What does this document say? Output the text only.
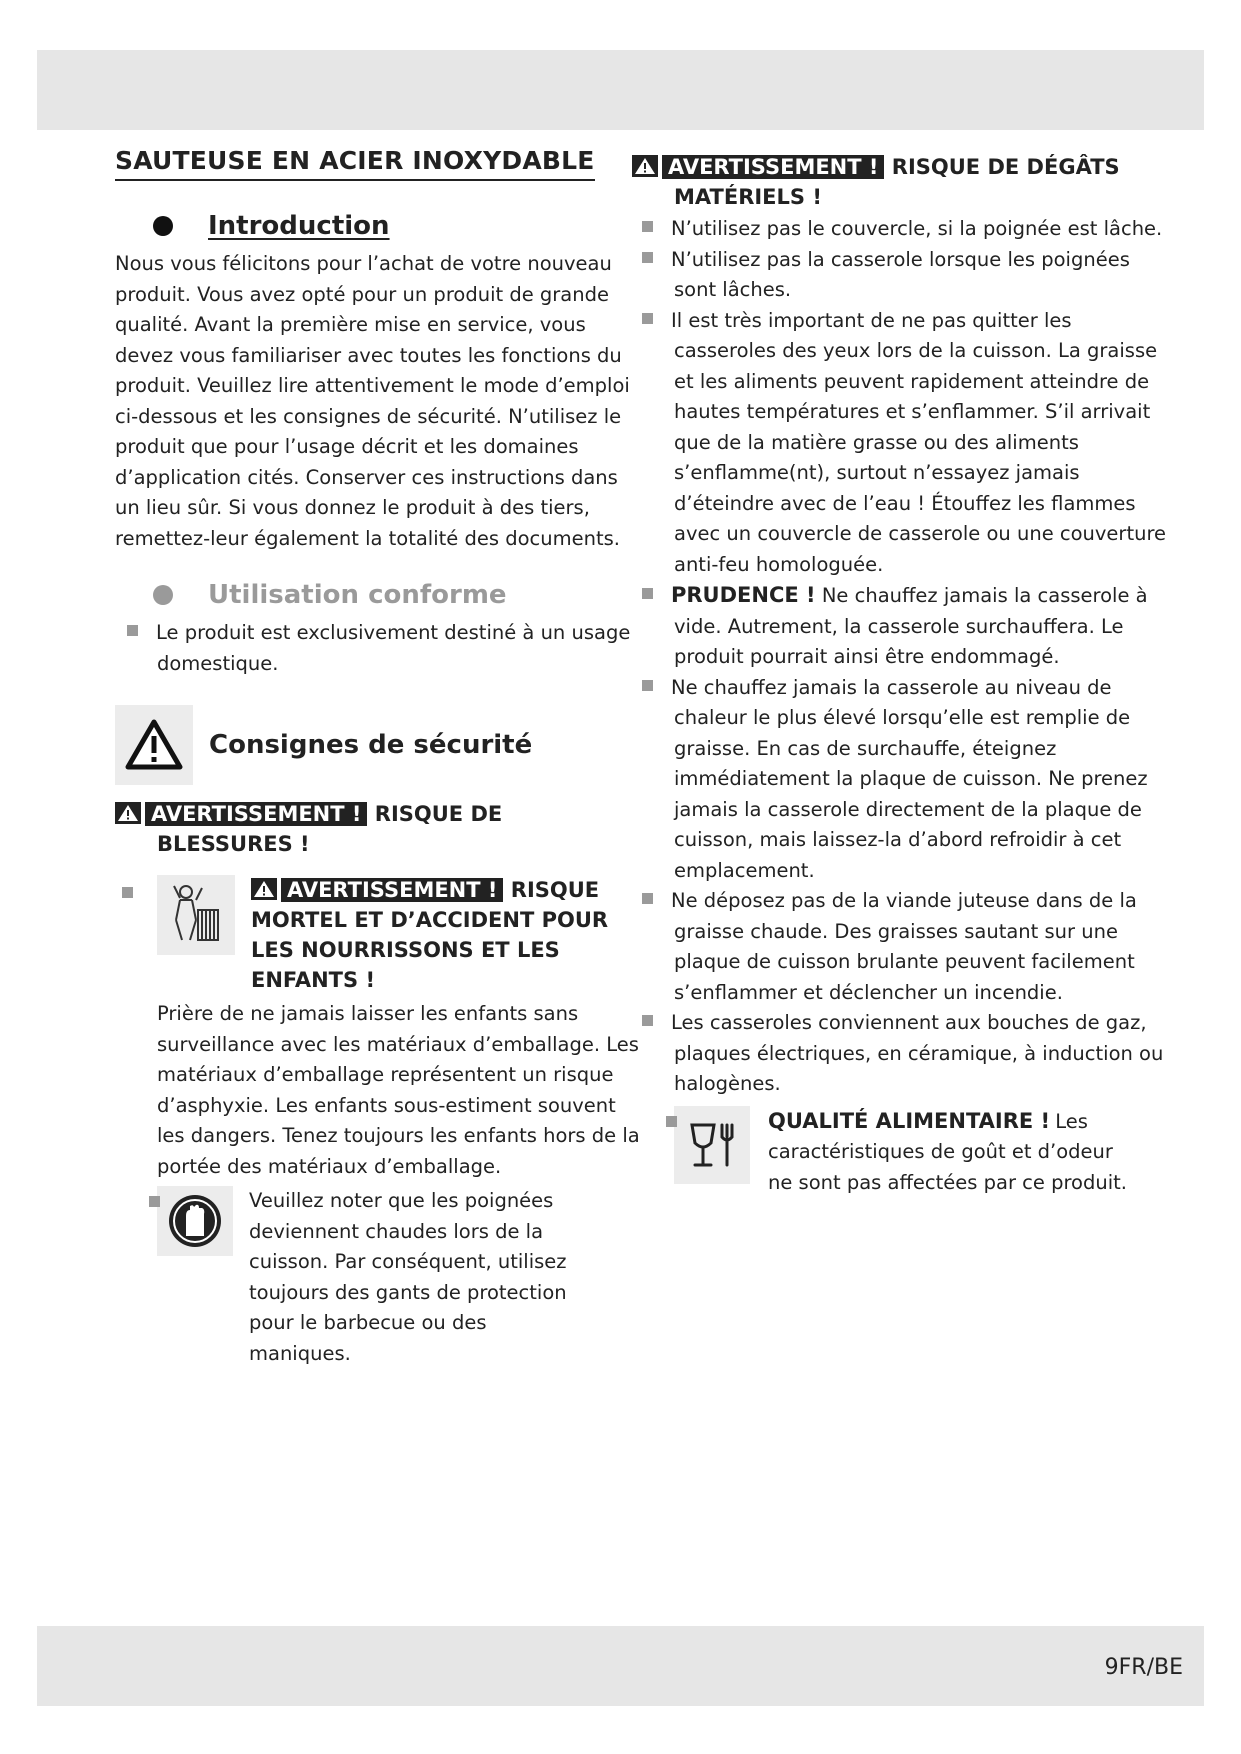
SAUTEUSE EN ACIER INOXYDABLE
Introduction

Nous vous félicitons pour l’achat de votre nouveau produit. Vous avez opté pour un produit de grande qualité. Avant la première mise en service, vous devez vous familiariser avec toutes les fonctions du produit. Veuillez lire attentivement le mode d’emploi ci-dessous et les consignes de sécurité. N’utilisez le produit que pour l’usage décrit et les domaines d’application cités. Conserver ces instructions dans un lieu sûr. Si vous donnez le produit à des tiers, remettez-leur également la totalité des documents.

Utilisation conforme
Le produit est exclusivement destiné à un usage domestique.
Consignes de sécurité
AVERTISSEMENT ! RISQUE DE BLESSURES !
AVERTISSEMENT ! RISQUE MORTEL ET D’ACCIDENT POUR LES NOURRISSONS ET LES ENFANTS !

Prière de ne jamais laisser les enfants sans surveillance avec les matériaux d’emballage. Les matériaux d’emballage représentent un risque d’asphyxie. Les enfants sous-estiment souvent les dangers. Tenez toujours les enfants hors de la portée des matériaux d’emballage.

Veuillez noter que les poignées deviennent chaudes lors de la cuisson. Par conséquent, utilisez toujours des gants de protection pour le barbecue ou des maniques.

AVERTISSEMENT ! RISQUE DE DÉGÂTS MATÉRIELS !
N’utilisez pas le couvercle, si la poignée est lâche.
N’utilisez pas la casserole lorsque les poignées sont lâches.
Il est très important de ne pas quitter les casseroles des yeux lors de la cuisson. La graisse et les aliments peuvent rapidement atteindre de hautes températures et s’enflammer. S’il arrivait que de la matière grasse ou des aliments s’enflamme(nt), surtout n’essayez jamais d’éteindre avec de l’eau ! Étouffez les flammes avec un couvercle de casserole ou une couverture anti-feu homologuée.
PRUDENCE ! Ne chauffez jamais la casserole à vide. Autrement, la casserole surchauffera. Le produit pourrait ainsi être endommagé.
Ne chauffez jamais la casserole au niveau de chaleur le plus élevé lorsqu’elle est remplie de graisse. En cas de surchauffe, éteignez immédiatement la plaque de cuisson. Ne prenez jamais la casserole directement de la plaque de cuisson, mais laissez-la d’abord refroidir à cet emplacement.
Ne déposez pas de la viande juteuse dans de la graisse chaude. Des graisses sautant sur une plaque de cuisson brulante peuvent facilement s’enflammer et déclencher un incendie.
Les casseroles conviennent aux bouches de gaz, plaques électriques, en céramique, à induction ou halogènes.
QUALITÉ ALIMENTAIRE ! Les caractéristiques de goût et d’odeur ne sont pas affectées par ce produit.
9FR/BE
